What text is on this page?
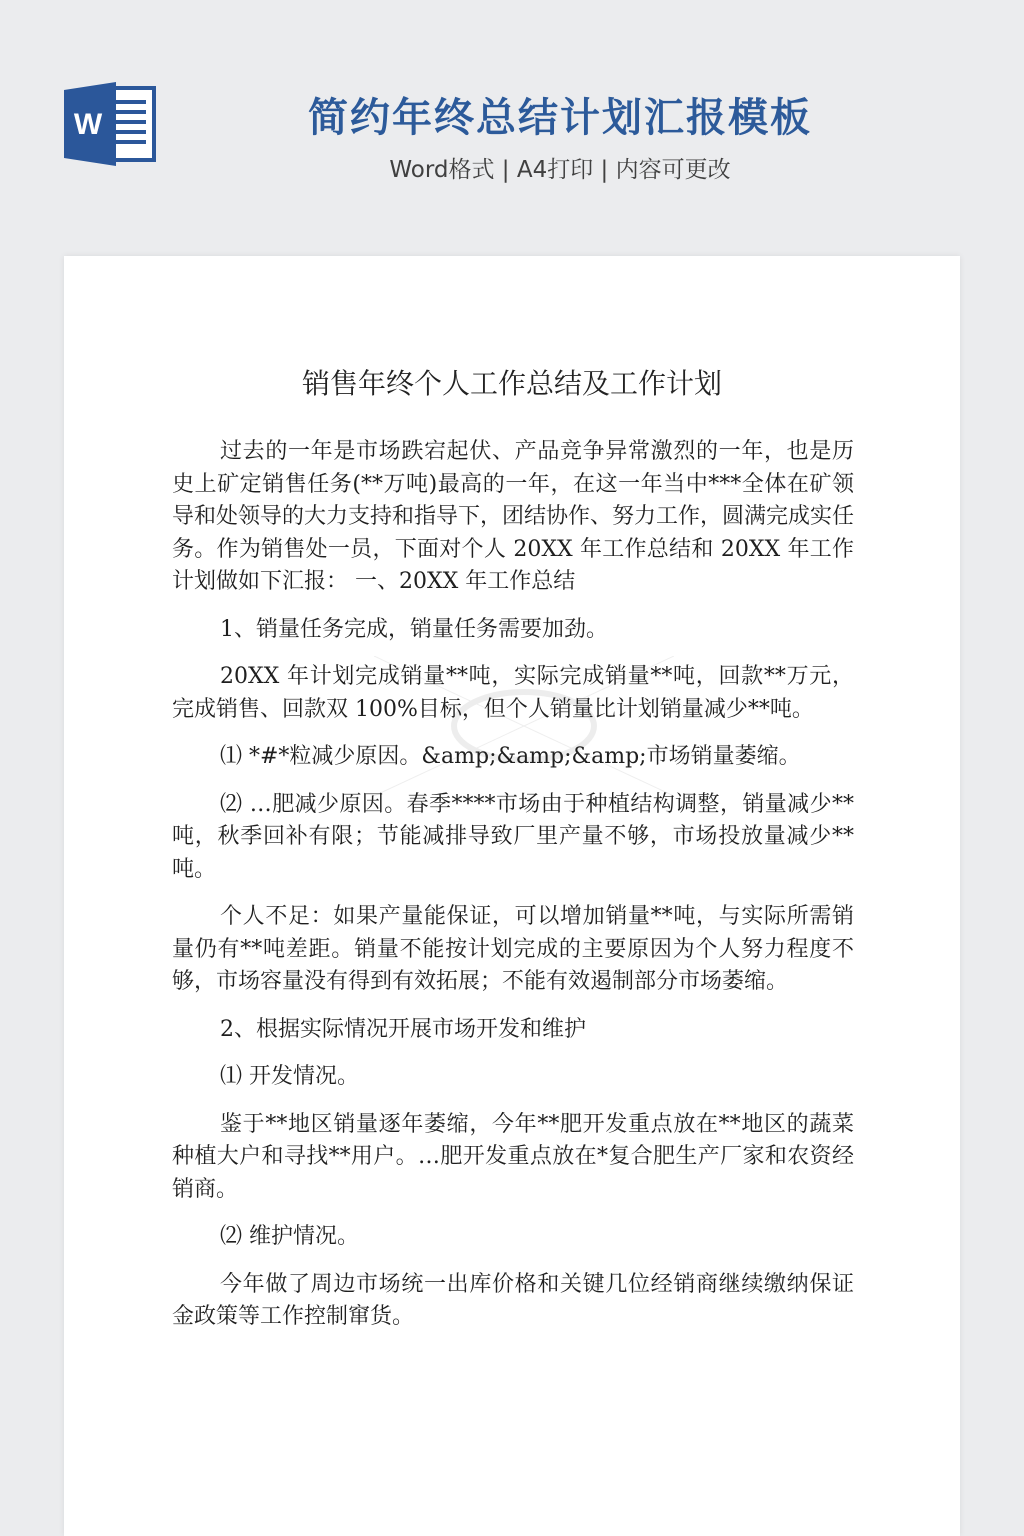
W	简约年终总结计划汇报模板
Word格式 | A4打印 | 内容可更改
销售年终个人工作总结及工作计划

过去的一年是市场跌宕起伏、产品竞争异常激烈的一年，也是历史上矿定销售任务(**万吨)最高的一年，在这一年当中***全体在矿领导和处领导的大力支持和指导下，团结协作、努力工作，圆满完成实任务。作为销售处一员，下面对个人 20XX 年工作总结和 20XX 年工作计划做如下汇报： 一、20XX 年工作总结

1、销量任务完成，销量任务需要加劲。

20XX 年计划完成销量**吨，实际完成销量**吨，回款**万元，完成销售、回款双 100%目标，但个人销量比计划销量减少**吨。

⑴ *#*粒减少原因。&amp;&amp;&amp;市场销量萎缩。

⑵ …肥减少原因。春季****市场由于种植结构调整，销量减少**吨，秋季回补有限；节能减排导致厂里产量不够，市场投放量减少**吨。

个人不足：如果产量能保证，可以增加销量**吨，与实际所需销量仍有**吨差距。销量不能按计划完成的主要原因为个人努力程度不够，市场容量没有得到有效拓展；不能有效遏制部分市场萎缩。

2、根据实际情况开展市场开发和维护

⑴ 开发情况。

鉴于**地区销量逐年萎缩，今年**肥开发重点放在**地区的蔬菜种植大户和寻找**用户。…肥开发重点放在*复合肥生产厂家和农资经销商。

⑵ 维护情况。

今年做了周边市场统一出库价格和关键几位经销商继续缴纳保证金政策等工作控制窜货。
